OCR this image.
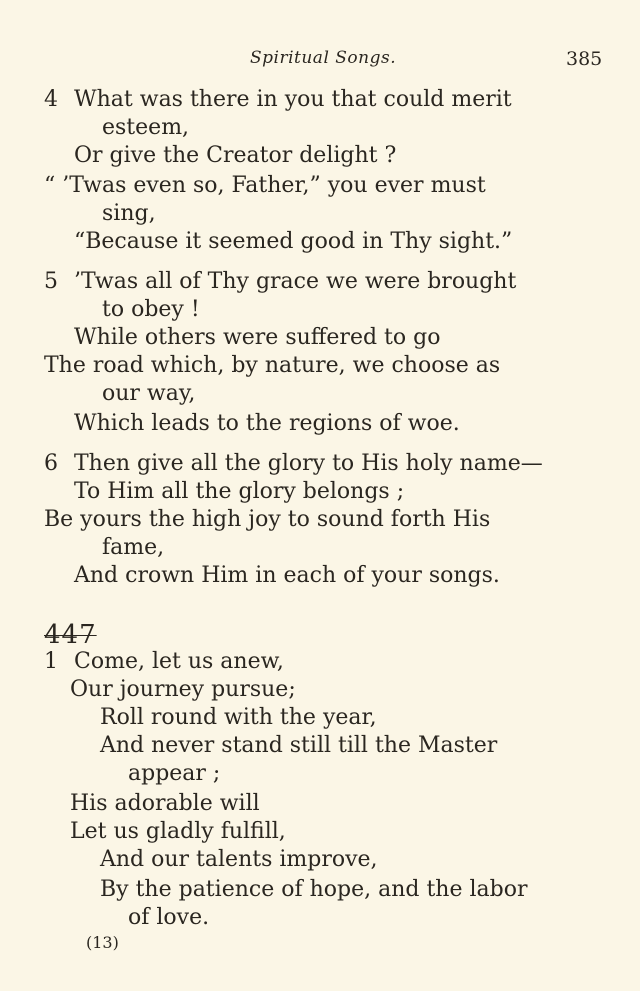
Spiritual Songs.	385
4 What was there in you that could merit
esteem,
Or give the Creator delight ?
“ ’Twas even so, Father,” you ever must
sing,
“Because it seemed good in Thy sight.”
5 ’Twas all of Thy grace we were brought
to obey !
While others were suffered to go
The road which, by nature, we choose as
our way,
Which leads to the regions of woe.
6 Then give all the glory to His holy name—
To Him all the glory belongs ;
Be yours the high joy to sound forth His
fame,
And crown Him in each of your songs.
447
1 Come, let us anew,
Our journey pursue;
Roll round with the year,
And never stand still till the Master
appear ;
His adorable will
Let us gladly fulfill,
And our talents improve,
By the patience of hope, and the labor
of love.
(13)
